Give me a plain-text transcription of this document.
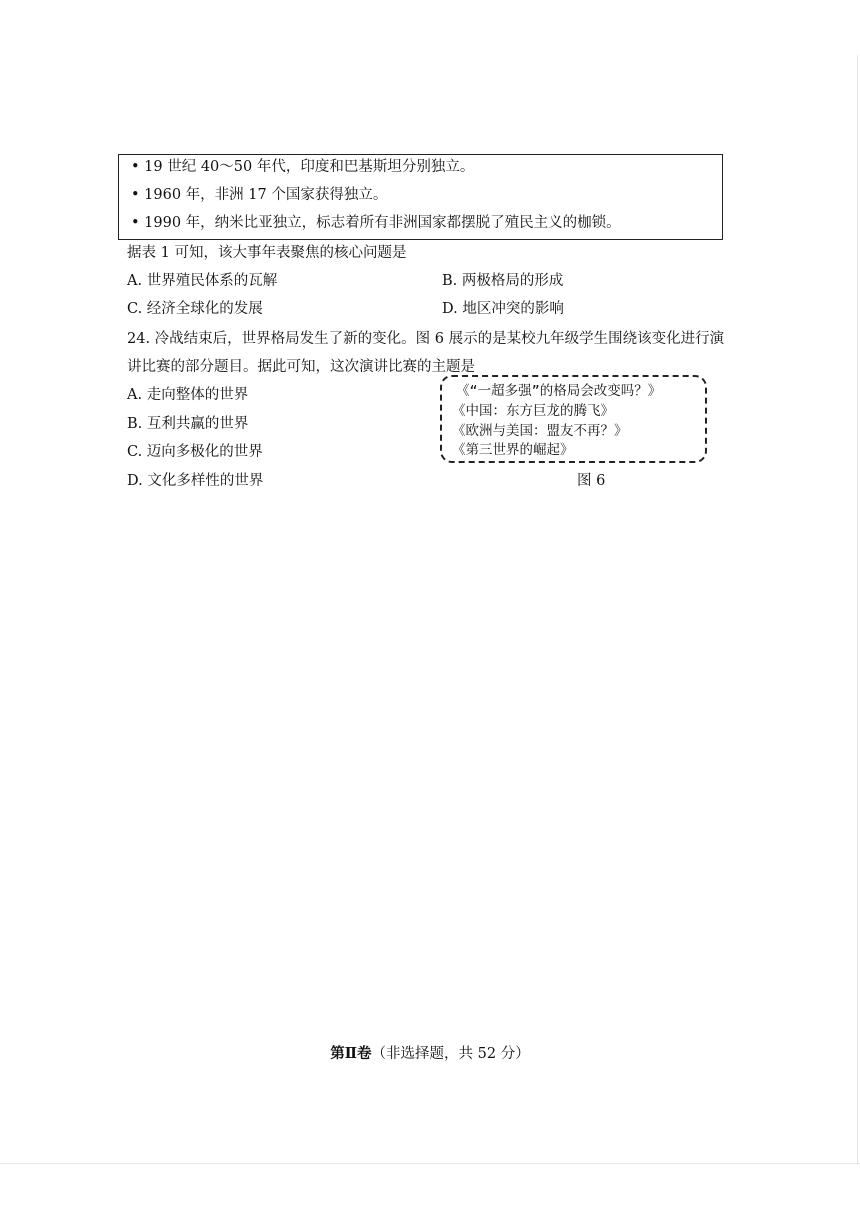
• 19 世纪 40～50 年代，印度和巴基斯坦分别独立。
• 1960 年，非洲 17 个国家获得独立。
• 1990 年，纳米比亚独立，标志着所有非洲国家都摆脱了殖民主义的枷锁。
据表 1 可知，该大事年表聚焦的核心问题是
A. 世界殖民体系的瓦解	B. 两极格局的形成
C. 经济全球化的发展	D. 地区冲突的影响
24. 冷战结束后，世界格局发生了新的变化。图 6 展示的是某校九年级学生围绕该变化进行演
讲比赛的部分题目。据此可知，这次演讲比赛的主题是
A. 走向整体的世界
B. 互利共赢的世界
C. 迈向多极化的世界
D. 文化多样性的世界
《“一超多强”的格局会改变吗？》
《中国：东方巨龙的腾飞》
《欧洲与美国：盟友不再？》
《第三世界的崛起》
图 6
第Ⅱ卷（非选择题，共 52 分）
